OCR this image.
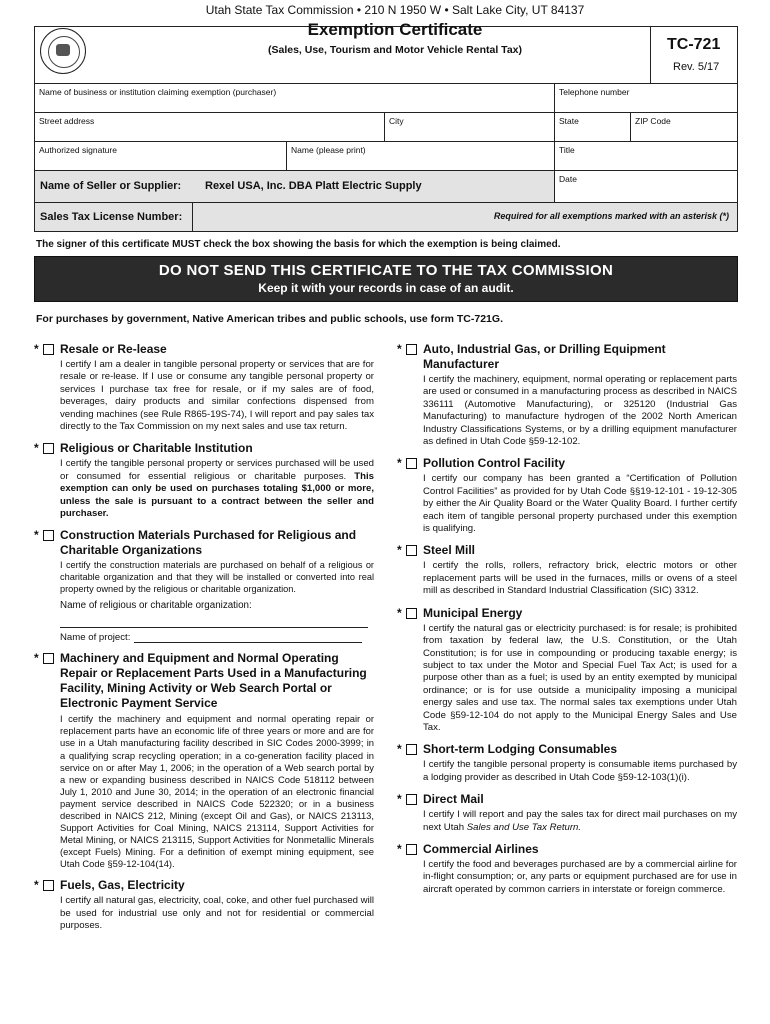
Utah State Tax Commission • 210 N 1950 W • Salt Lake City, UT 84137
Exemption Certificate
(Sales, Use, Tourism and Motor Vehicle Rental Tax)	TC-721
Rev. 5/17
Name of business or institution claiming exemption (purchaser)	Telephone number
Street address	City	State	ZIP Code
Authorized signature	Name (please print)	Title
Name of Seller or Supplier: Rexel USA, Inc. DBA Platt Electric Supply
Date
Sales Tax License Number:	Required for all exemptions marked with an asterisk (*)
The signer of this certificate MUST check the box showing the basis for which the exemption is being claimed.
DO NOT SEND THIS CERTIFICATE TO THE TAX COMMISSION
Keep it with your records in case of an audit.
For purchases by government, Native American tribes and public schools, use form TC-721G.
* Resale or Re-lease
I certify I am a dealer in tangible personal property or services that are for resale or re-lease. If I use or consume any tangible personal property or services I purchase tax free for resale, or if my sales are of food, beverages, dairy products and similar confections dispensed from vending machines (see Rule R865-19S-74), I will report and pay sales tax directly to the Tax Commission on my next sales and use tax return.
* Religious or Charitable Institution
I certify the tangible personal property or services purchased will be used or consumed for essential religious or charitable purposes. This exemption can only be used on purchases totaling $1,000 or more, unless the sale is pursuant to a contract between the seller and purchaser.
* Construction Materials Purchased for Religious and Charitable Organizations
I certify the construction materials are purchased on behalf of a religious or charitable organization and that they will be installed or converted into real property owned by the religious or charitable organization.
Name of religious or charitable organization:
Name of project:
* Machinery and Equipment and Normal Operating Repair or Replacement Parts Used in a Manufacturing Facility, Mining Activity or Web Search Portal or Electronic Payment Service
I certify the machinery and equipment and normal operating repair or replacement parts have an economic life of three years or more and are for use in a Utah manufacturing facility described in SIC Codes 2000-3999; in a qualifying scrap recycling operation; in a co-generation facility placed in service on or after May 1, 2006; in the operation of a Web search portal by a new or expanding business described in NAICS Code 518112 between July 1, 2010 and June 30, 2014; in the operation of an electronic financial payment service described in NAICS Code 522320; or in a business described in NAICS 212, Mining (except Oil and Gas), or NAICS 213113, Support Activities for Coal Mining, NAICS 213114, Support Activities for Metal Mining, or NAICS 213115, Support Activities for Nonmetallic Minerals (except Fuels) Mining. For a definition of exempt mining equipment, see Utah Code §59-12-104(14).
* Fuels, Gas, Electricity
I certify all natural gas, electricity, coal, coke, and other fuel purchased will be used for industrial use only and not for residential or commercial purposes.
* Auto, Industrial Gas, or Drilling Equipment Manufacturer
I certify the machinery, equipment, normal operating or replacement parts are used or consumed in a manufacturing process as described in NAICS 336111 (Automotive Manufacturing), or 325120 (Industrial Gas Manufacturing) to manufacture hydrogen of the 2002 North American Industry Classifications Systems, or by a drilling equipment manufacturer as defined in Utah Code §59-12-102.
* Pollution Control Facility
I certify our company has been granted a “Certification of Pollution Control Facilities” as provided for by Utah Code §§19-12-101 - 19-12-305 by either the Air Quality Board or the Water Quality Board. I further certify each item of tangible personal property purchased under this exemption is qualifying.
* Steel Mill
I certify the rolls, rollers, refractory brick, electric motors or other replacement parts will be used in the furnaces, mills or ovens of a steel mill as described in Standard Industrial Classification (SIC) 3312.
* Municipal Energy
I certify the natural gas or electricity purchased: is for resale; is prohibited from taxation by federal law, the U.S. Constitution, or the Utah Constitution; is for use in compounding or producing taxable energy; is subject to tax under the Motor and Special Fuel Tax Act; is used for a purpose other than as a fuel; is used by an entity exempted by municipal ordinance; or is for use outside a municipality imposing a municipal energy sales and use tax. The normal sales tax exemptions under Utah Code §59-12-104 do not apply to the Municipal Energy Sales and Use Tax.
* Short-term Lodging Consumables
I certify the tangible personal property is consumable items purchased by a lodging provider as described in Utah Code §59-12-103(1)(i).
* Direct Mail
I certify I will report and pay the sales tax for direct mail purchases on my next Utah Sales and Use Tax Return.
* Commercial Airlines
I certify the food and beverages purchased are by a commercial airline for in-flight consumption; or, any parts or equipment purchased are for use in aircraft operated by common carriers in interstate or foreign commerce.
